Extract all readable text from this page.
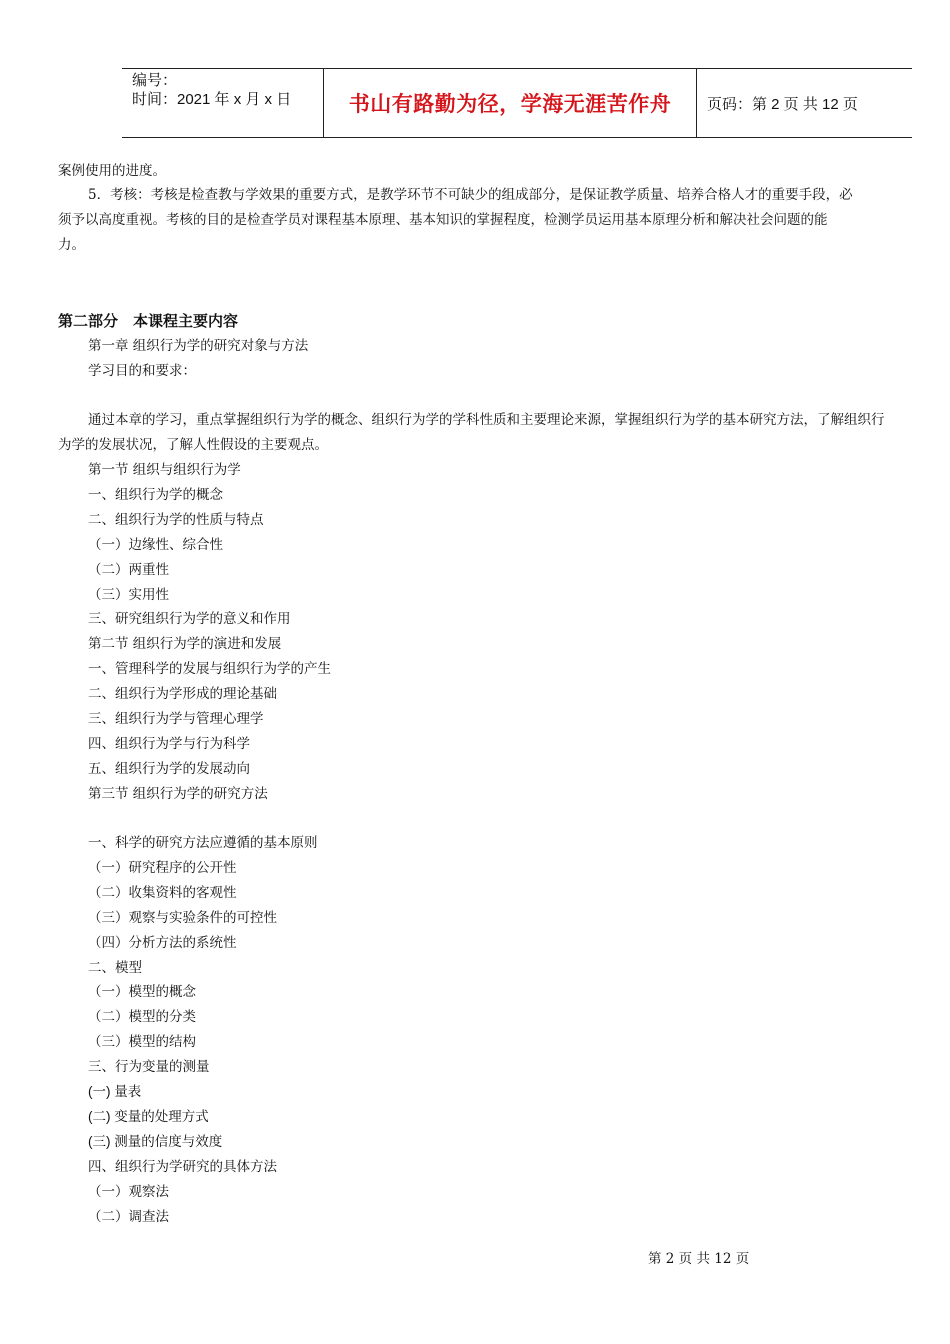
编号：
时间：2021 年 x 月 x 日	书山有路勤为径，学海无涯苦作舟 页码：第 2 页 共 12 页
案例使用的进度。
5．考核：考核是检查教与学效果的重要方式，是教学环节不可缺少的组成部分，是保证教学质量、培养合格人才的重要手段，必须予以高度重视。考核的目的是检查学员对课程基本原理、基本知识的掌握程度，检测学员运用基本原理分析和解决社会问题的能力。
第二部分　本课程主要内容
第一章 组织行为学的研究对象与方法
学习目的和要求：
通过本章的学习，重点掌握组织行为学的概念、组织行为学的学科性质和主要理论来源，掌握组织行为学的基本研究方法，了解组织行为学的发展状况，了解人性假设的主要观点。
第一节 组织与组织行为学
一、组织行为学的概念
二、组织行为学的性质与特点
（一）边缘性、综合性
（二）两重性
（三）实用性
三、研究组织行为学的意义和作用
第二节 组织行为学的演进和发展
一、管理科学的发展与组织行为学的产生
二、组织行为学形成的理论基础
三、组织行为学与管理心理学
四、组织行为学与行为科学
五、组织行为学的发展动向
第三节 组织行为学的研究方法
一、科学的研究方法应遵循的基本原则
（一）研究程序的公开性
（二）收集资料的客观性
（三）观察与实验条件的可控性
（四）分析方法的系统性
二、模型
（一）模型的概念
（二）模型的分类
（三）模型的结构
三、行为变量的测量
(一) 量表
(二) 变量的处理方式
(三) 测量的信度与效度
四、组织行为学研究的具体方法
（一）观察法
（二）调查法
第 2 页 共 12 页
